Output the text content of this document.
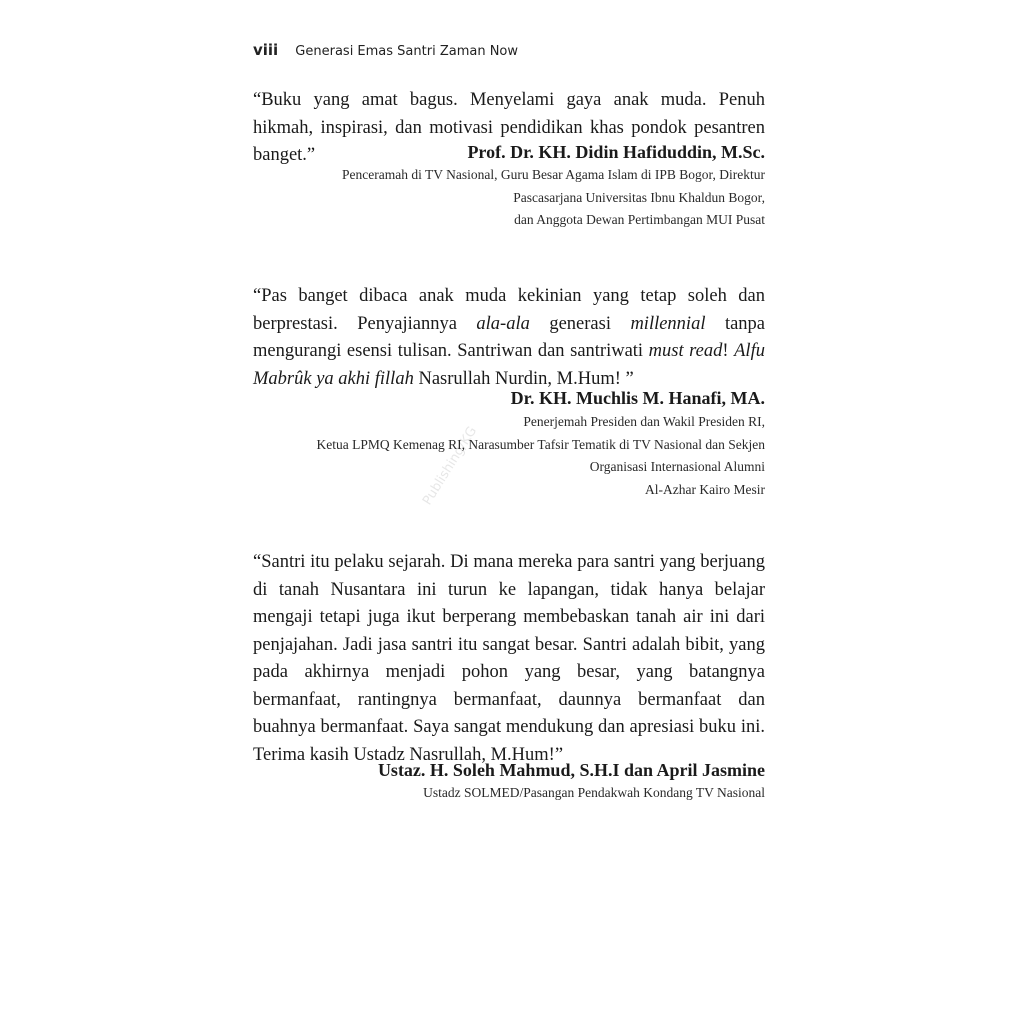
viii Generasi Emas Santri Zaman Now
Publishing/KG

“Buku yang amat bagus. Menyelami gaya anak muda. Penuh hikmah, inspirasi, dan motivasi pendidikan khas pondok pesantren banget.”	Prof. Dr. KH. Didin Hafiduddin, M.Sc.
Penceramah di TV Nasional, Guru Besar Agama Islam di IPB Bogor, Direktur
Pascasarjana Universitas Ibnu Khaldun Bogor,
dan Anggota Dewan Pertimbangan MUI Pusat

“Pas banget dibaca anak muda kekinian yang tetap soleh dan berprestasi. Penyajiannya ala-ala generasi millennial tanpa mengurangi esensi tulisan. Santriwan dan santriwati must read! Alfu Mabrûk ya akhi fillah Nasrullah Nurdin, M.Hum! ”

Dr. KH. Muchlis M. Hanafi, MA.
Penerjemah Presiden dan Wakil Presiden RI,
Ketua LPMQ Kemenag RI, Narasumber Tafsir Tematik di TV Nasional dan Sekjen
Organisasi Internasional Alumni
Al-Azhar Kairo Mesir

“Santri itu pelaku sejarah. Di mana mereka para santri yang berjuang di tanah Nusantara ini turun ke lapangan, tidak hanya belajar mengaji tetapi juga ikut berperang membebaskan tanah air ini dari penjajahan. Jadi jasa santri itu sangat besar. Santri adalah bibit, yang pada akhirnya menjadi pohon yang besar, yang batangnya bermanfaat, rantingnya bermanfaat, daunnya bermanfaat dan buahnya bermanfaat. Saya sangat mendukung dan apresiasi buku ini. Terima kasih Ustadz Nasrullah, M.Hum!”

Ustaz. H. Soleh Mahmud, S.H.I dan April Jasmine
Ustadz SOLMED/Pasangan Pendakwah Kondang TV Nasional
